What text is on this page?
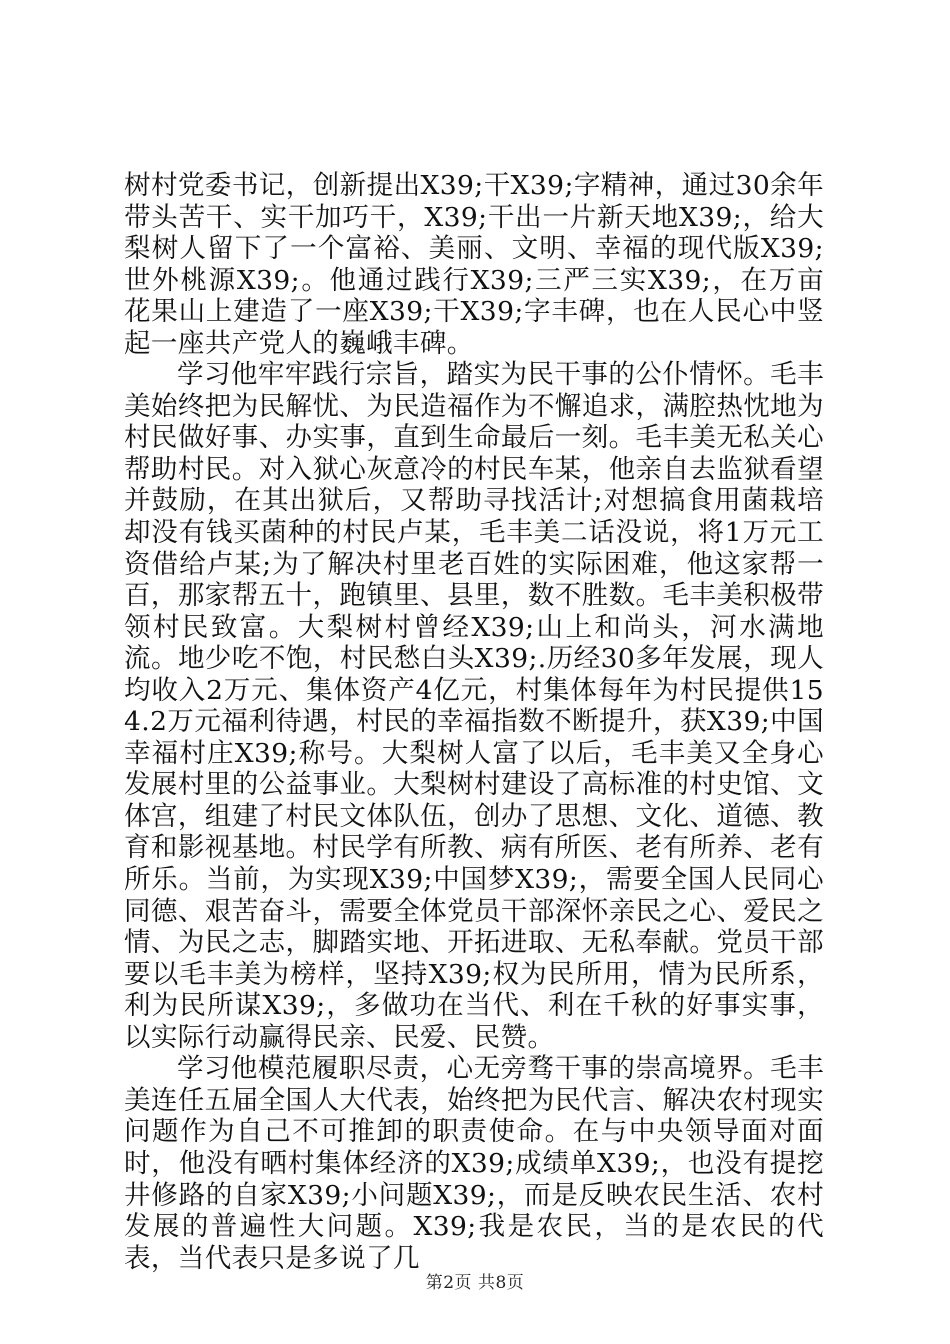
树村党委书记，创新提出X39;干X39;字精神，通过30余年带头苦干、实干加巧干，X39;干出一片新天地X39;，给大梨树人留下了一个富裕、美丽、文明、幸福的现代版X39;世外桃源X39;。他通过践行X39;三严三实X39;，在万亩花果山上建造了一座X39;干X39;字丰碑，也在人民心中竖起一座共产党人的巍峨丰碑。

学习他牢牢践行宗旨，踏实为民干事的公仆情怀。毛丰美始终把为民解忧、为民造福作为不懈追求，满腔热忱地为村民做好事、办实事，直到生命最后一刻。毛丰美无私关心帮助村民。对入狱心灰意冷的村民车某，他亲自去监狱看望并鼓励，在其出狱后，又帮助寻找活计;对想搞食用菌栽培却没有钱买菌种的村民卢某，毛丰美二话没说，将1万元工资借给卢某;为了解决村里老百姓的实际困难，他这家帮一百，那家帮五十，跑镇里、县里，数不胜数。毛丰美积极带领村民致富。大梨树村曾经X39;山上和尚头，河水满地流。地少吃不饱，村民愁白头X39;.历经30多年发展，现人均收入2万元、集体资产4亿元，村集体每年为村民提供154.2万元福利待遇，村民的幸福指数不断提升，获X39;中国幸福村庄X39;称号。大梨树人富了以后，毛丰美又全身心发展村里的公益事业。大梨树村建设了高标准的村史馆、文体宫，组建了村民文体队伍，创办了思想、文化、道德、教育和影视基地。村民学有所教、病有所医、老有所养、老有所乐。当前，为实现X39;中国梦X39;，需要全国人民同心同德、艰苦奋斗，需要全体党员干部深怀亲民之心、爱民之情、为民之志，脚踏实地、开拓进取、无私奉献。党员干部要以毛丰美为榜样，坚持X39;权为民所用，情为民所系，利为民所谋X39;，多做功在当代、利在千秋的好事实事，以实际行动赢得民亲、民爱、民赞。

学习他模范履职尽责，心无旁骛干事的崇高境界。毛丰美连任五届全国人大代表，始终把为民代言、解决农村现实问题作为自己不可推卸的职责使命。在与中央领导面对面时，他没有晒村集体经济的X39;成绩单X39;，也没有提挖井修路的自家X39;小问题X39;，而是反映农民生活、农村发展的普遍性大问题。X39;我是农民，当的是农民的代表，当代表只是多说了几

第2页 共8页
